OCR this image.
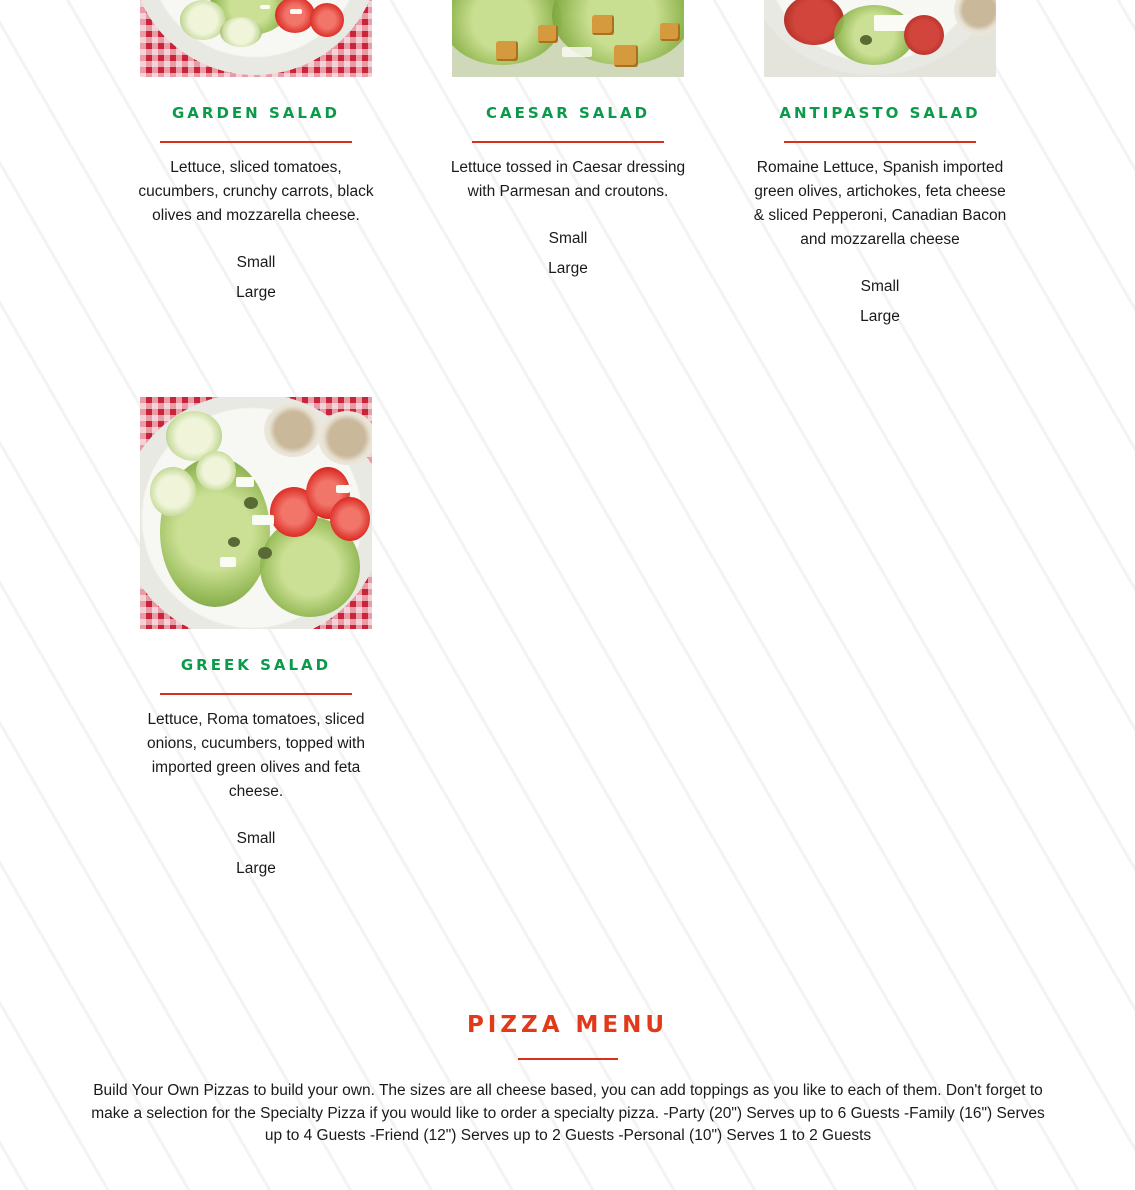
GARDEN SALAD
Lettuce, sliced tomatoes, cucumbers, crunchy carrots, black olives and mozzarella cheese.
Small
Large
CAESAR SALAD
Lettuce tossed in Caesar dressing with Parmesan and croutons.
Small
Large
ANTIPASTO SALAD
Romaine Lettuce, Spanish imported green olives, artichokes, feta cheese & sliced Pepperoni, Canadian Bacon and mozzarella cheese
Small
Large
GREEK SALAD
Lettuce, Roma tomatoes, sliced onions, cucumbers, topped with imported green olives and feta cheese.
Small
Large
PIZZA MENU
Build Your Own Pizzas to build your own. The sizes are all cheese based, you can add toppings as you like to each of them. Don't forget to make a selection for the Specialty Pizza if you would like to order a specialty pizza. -Party (20") Serves up to 6 Guests -Family (16") Serves up to 4 Guests -Friend (12") Serves up to 2 Guests -Personal (10") Serves 1 to 2 Guests
